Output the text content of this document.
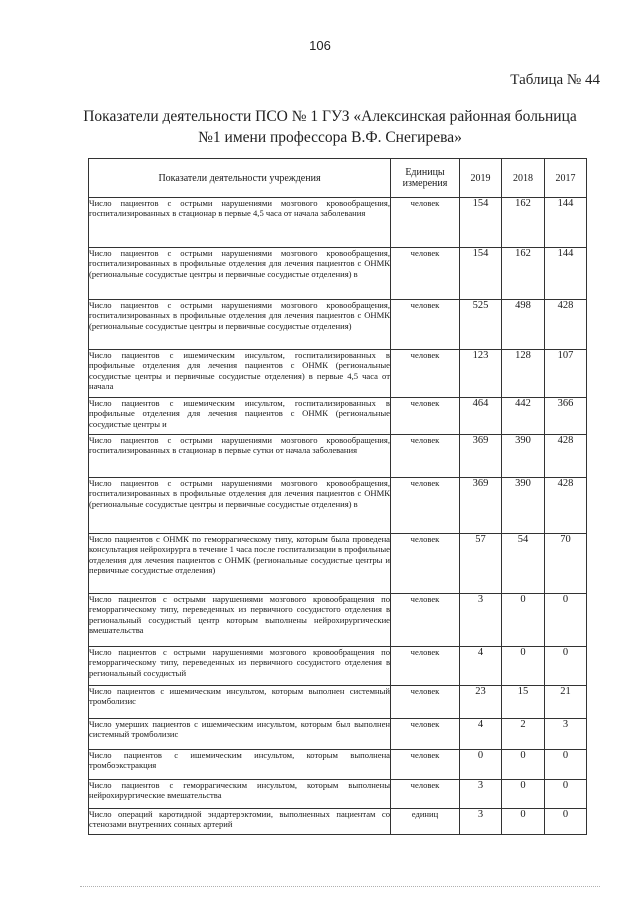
106
Таблица № 44
Показатели деятельности ПСО № 1 ГУЗ «Алексинская районная больница
№1 имени профессора В.Ф. Снегирева»
Показатели деятельности учреждения	Единицы измерения	2019	2018	2017
Число пациентов с острыми нарушениями мозгового кровообращения, госпитализированных в стационар в первые 4,5 часа от начала заболевания	человек	154	162	144
Число пациентов с острыми нарушениями мозгового кровообращения, госпитализированных в профильные отделения для лечения пациентов с ОНМК (региональные сосудистые центры и первичные сосудистые отделения) в	человек	154	162	144
Число пациентов с острыми нарушениями мозгового кровообращения, госпитализированных в профильные отделения для лечения пациентов с ОНМК (региональные сосудистые центры и первичные сосудистые отделения)	человек	525	498	428
Число пациентов с ишемическим инсультом, госпитализированных в профильные отделения для лечения пациентов с ОНМК (региональные сосудистые центры и первичные сосудистые отделения) в первые 4,5 часа от начала	человек	123	128	107
Число пациентов с ишемическим инсультом, госпитализированных в профильные отделения для лечения пациентов с ОНМК (региональные сосудистые центры и	человек	464	442	366
Число пациентов с острыми нарушениями мозгового кровообращения, госпитализированных в стационар в первые сутки от начала заболевания	человек	369	390	428
Число пациентов с острыми нарушениями мозгового кровообращения, госпитализированных в профильные отделения для лечения пациентов с ОНМК (региональные сосудистые центры и первичные сосудистые отделения) в	человек	369	390	428
Число пациентов с ОНМК по геморрагическому типу, которым была проведена консультация нейрохирурга в течение 1 часа после госпитализации в профильные отделения для лечения пациентов с ОНМК (региональные сосудистые центры и первичные сосудистые отделения)	человек	57	54	70
Число пациентов с острыми нарушениями мозгового кровообращения по геморрагическому типу, переведенных из первичного сосудистого отделения в региональный сосудистый центр которым выполнены нейрохирургические вмешательства	человек	3	0	0
Число пациентов с острыми нарушениями мозгового кровообращения по геморрагическому типу, переведенных из первичного сосудистого отделения в региональный сосудистый	человек	4	0	0
Число пациентов с ишемическим инсультом, которым выполнен системный тромболизис	человек	23	15	21
Число умерших пациентов с ишемическим инсультом, которым был выполнен системный тромболизис	человек	4	2	3
Число пациентов с ишемическим инсультом, которым выполнена тромбоэкстракция	человек	0	0	0
Число пациентов с геморрагическим инсультом, которым выполнены нейрохирургические вмешательства	человек	3	0	0
Число операций каротидной эндартерэктомии, выполненных пациентам со стенозами внутренних сонных артерий	единиц	3	0	0
